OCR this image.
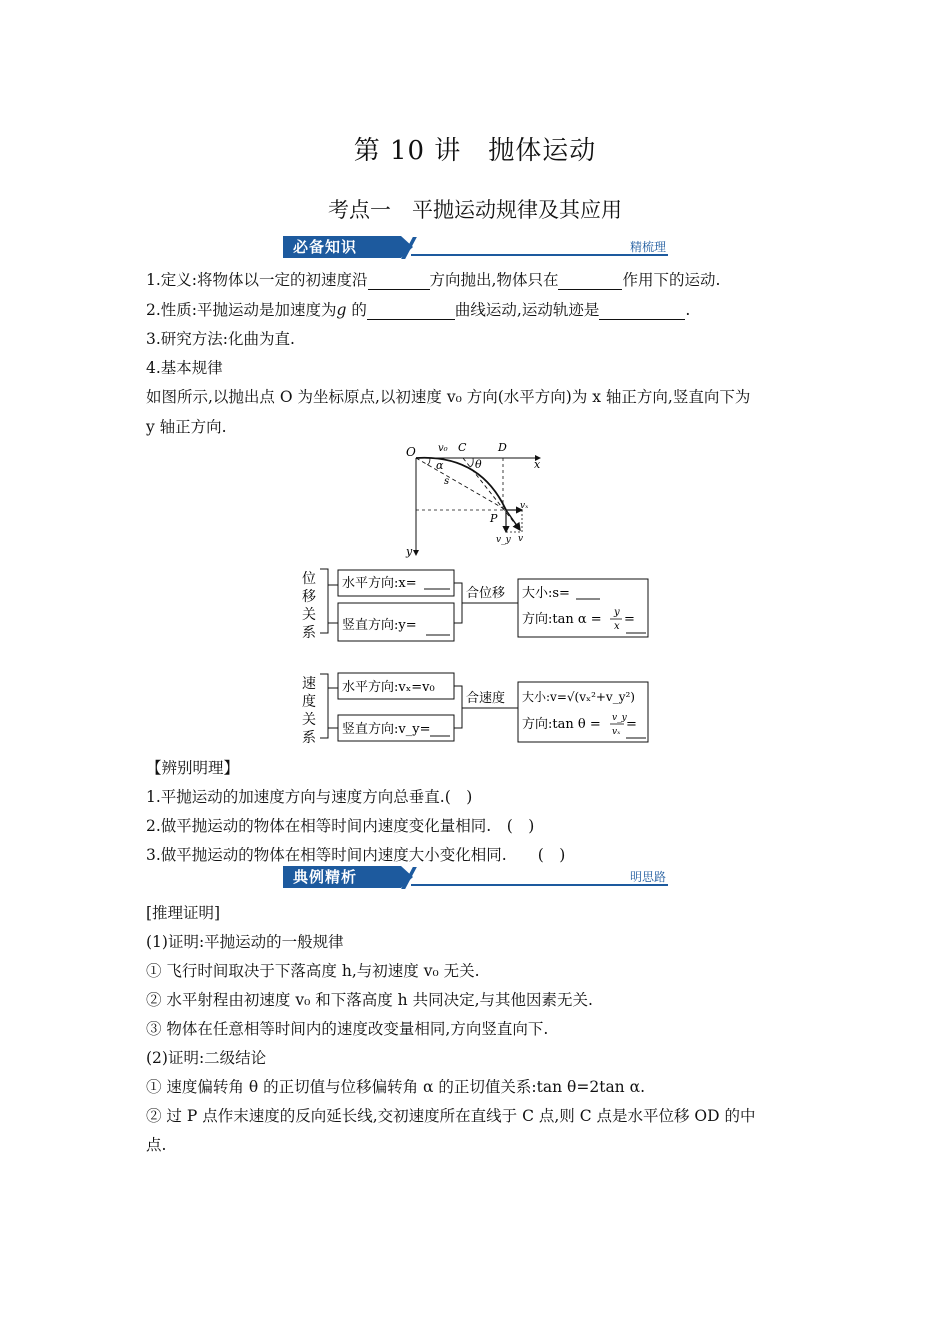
第 10 讲　抛体运动
考点一　平抛运动规律及其应用
必备知识	精梳理
1.定义:将物体以一定的初速度沿	方向抛出,物体只在	作用下的运动.
2.性质:平抛运动是加速度为g 的	曲线运动,运动轨迹是	.
3.研究方法:化曲为直.
4.基本规律
如图所示,以抛出点 O 为坐标原点,以初速度 v₀ 方向(水平方向)为 x 轴正方向,竖直向下为
y 轴正方向.
O v₀ C	D
x
y
α	θ
s
P
vₓ
v_y v
位
移
关
系
水平方向:x=
竖直方向:y=
合位移 大小:s=
方向:tan α = y
x =
速
度
关
系
水平方向:vₓ=v₀
竖直方向:v_y=
合速度 大小:v=√(vₓ²+v_y²)
方向:tan θ = v_y
vₓ =
【辨别明理】
1.平抛运动的加速度方向与速度方向总垂直.(　)
2.做平抛运动的物体在相等时间内速度变化量相同.　(　)
3.做平抛运动的物体在相等时间内速度大小变化相同.　　(　)
典例精析	明思路
[推理证明]
(1)证明:平抛运动的一般规律
① 飞行时间取决于下落高度 h,与初速度 v₀ 无关.
② 水平射程由初速度 v₀ 和下落高度 h 共同决定,与其他因素无关.
③ 物体在任意相等时间内的速度改变量相同,方向竖直向下.
(2)证明:二级结论
① 速度偏转角 θ 的正切值与位移偏转角 α 的正切值关系:tan θ=2tan α.
② 过 P 点作末速度的反向延长线,交初速度所在直线于 C 点,则 C 点是水平位移 OD 的中
点.
